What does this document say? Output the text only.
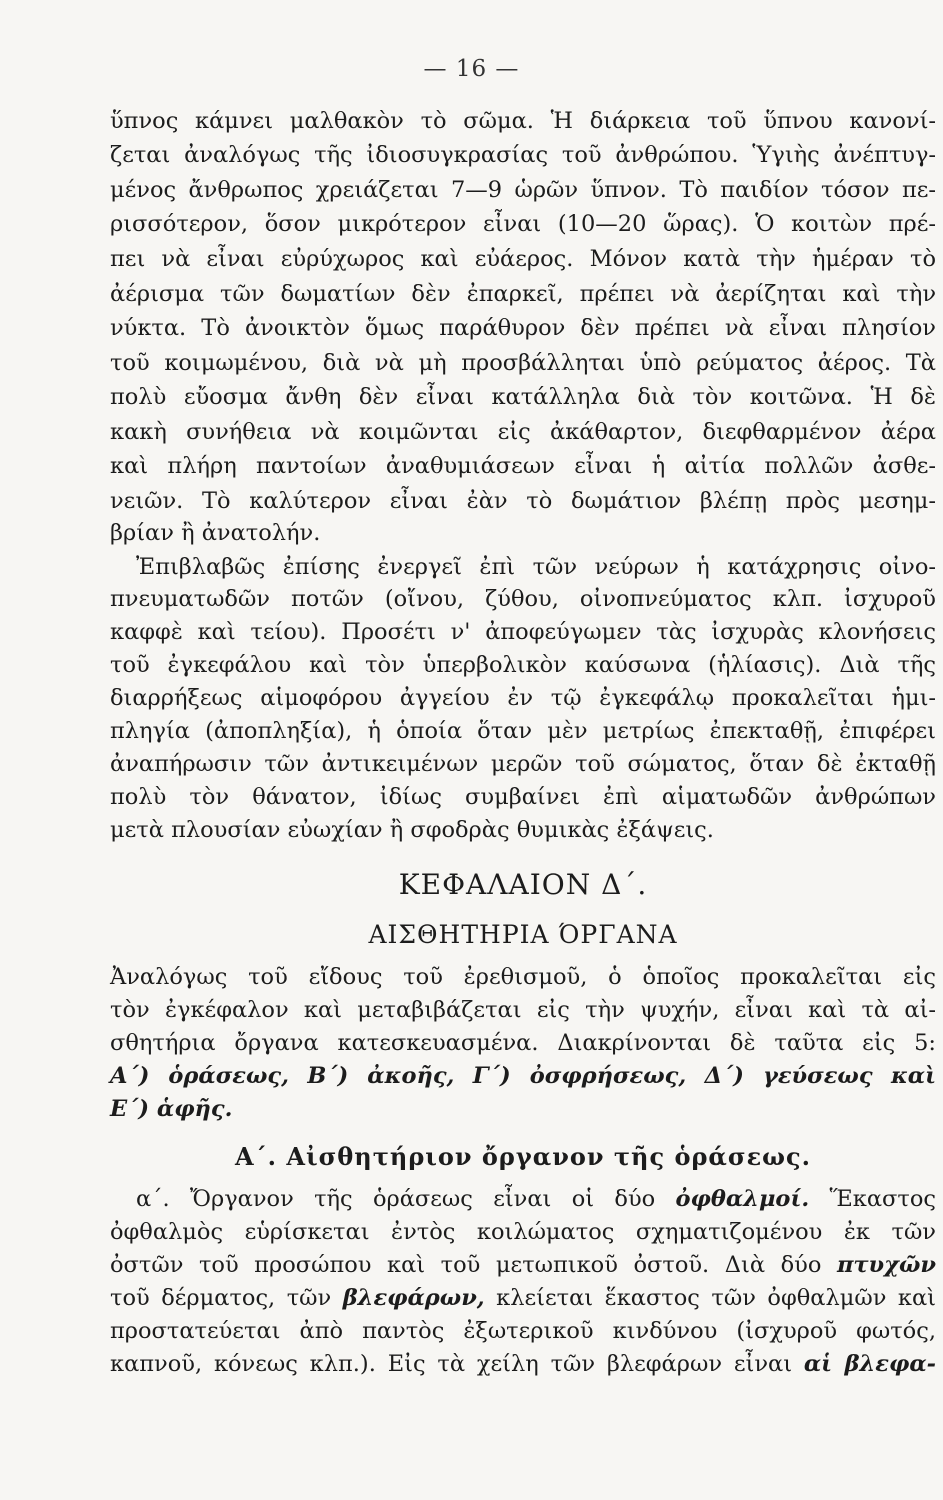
— 16 —
ὕπνος κάμνει μαλθακὸν τὸ σῶμα. Ἡ διάρκεια τοῦ ὕπνου κανονί-
ζεται ἀναλόγως τῆς ἰδιοσυγκρασίας τοῦ ἀνθρώπου. Ὑγιὴς ἀνέπτυγ-
μένος ἄνθρωπος χρειάζεται 7—9 ὡρῶν ὕπνον. Τὸ παιδίον τόσον πε-
ρισσότερον, ὅσον μικρότερον εἶναι (10—20 ὥρας). Ὁ κοιτὼν πρέ-
πει νὰ εἶναι εὐρύχωρος καὶ εὐάερος. Μόνον κατὰ τὴν ἡμέραν τὸ
ἀέρισμα τῶν δωματίων δὲν ἐπαρκεῖ, πρέπει νὰ ἀερίζηται καὶ τὴν
νύκτα. Τὸ ἀνοικτὸν ὅμως παράθυρον δὲν πρέπει νὰ εἶναι πλησίον
τοῦ κοιμωμένου, διὰ νὰ μὴ προσβάλληται ὑπὸ ρεύματος ἀέρος. Τὰ
πολὺ εὔοσμα ἄνθη δὲν εἶναι κατάλληλα διὰ τὸν κοιτῶνα. Ἡ δὲ
κακὴ συνήθεια νὰ κοιμῶνται εἰς ἀκάθαρτον, διεφθαρμένον ἀέρα
καὶ πλήρη παντοίων ἀναθυμιάσεων εἶναι ἡ αἰτία πολλῶν ἀσθε-
νειῶν. Τὸ καλύτερον εἶναι ἐὰν τὸ δωμάτιον βλέπῃ πρὸς μεσημ-
βρίαν ἢ ἀνατολήν.
Ἐπιβλαβῶς ἐπίσης ἐνεργεῖ ἐπὶ τῶν νεύρων ἡ κατάχρησις οἰνο-
πνευματωδῶν ποτῶν (οἴνου, ζύθου, οἰνοπνεύματος κλπ. ἰσχυροῦ
καφφὲ καὶ τείου). Προσέτι ν' ἀποφεύγωμεν τὰς ἰσχυρὰς κλονήσεις
τοῦ ἐγκεφάλου καὶ τὸν ὑπερβολικὸν καύσωνα (ἡλίασις). Διὰ τῆς
διαρρήξεως αἱμοφόρου ἀγγείου ἐν τῷ ἐγκεφάλῳ προκαλεῖται ἡμι-
πληγία (ἀποπληξία), ἡ ὁποία ὅταν μὲν μετρίως ἐπεκταθῇ, ἐπιφέρει
ἀναπήρωσιν τῶν ἀντικειμένων μερῶν τοῦ σώματος, ὅταν δὲ ἐκταθῇ
πολὺ τὸν θάνατον, ἰδίως συμβαίνει ἐπὶ αἱματωδῶν ἀνθρώπων
μετὰ πλουσίαν εὐωχίαν ἢ σφοδρὰς θυμικὰς ἐξάψεις.
ΚΕΦΑΛΑΙΟΝ Δ΄.
ΑΙΣΘΗΤΗΡΙΑ ΌΡΓΑΝΑ
Ἀναλόγως τοῦ εἴδους τοῦ ἐρεθισμοῦ, ὁ ὁποῖος προκαλεῖται εἰς
τὸν ἐγκέφαλον καὶ μεταβιβάζεται εἰς τὴν ψυχήν, εἶναι καὶ τὰ αἰ-
σθητήρια ὄργανα κατεσκευασμένα. Διακρίνονται δὲ ταῦτα εἰς 5:
Α΄) ὁράσεως, Β΄) ἀκοῆς, Γ΄) ὀσφρήσεως, Δ΄) γεύσεως καὶ
Ε΄) ἁφῆς.
Α΄. Αἰσθητήριον ὄργανον τῆς ὁράσεως.
α΄. Ὄργανον τῆς ὁράσεως εἶναι οἱ δύο ὀφθαλμοί. Ἕκαστος
ὀφθαλμὸς εὑρίσκεται ἐντὸς κοιλώματος σχηματιζομένου ἐκ τῶν
ὀστῶν τοῦ προσώπου καὶ τοῦ μετωπικοῦ ὀστοῦ. Διὰ δύο πτυχῶν
τοῦ δέρματος, τῶν βλεφάρων, κλείεται ἕκαστος τῶν ὀφθαλμῶν καὶ
προστατεύεται ἀπὸ παντὸς ἐξωτερικοῦ κινδύνου (ἰσχυροῦ φωτός,
καπνοῦ, κόνεως κλπ.). Εἰς τὰ χείλη τῶν βλεφάρων εἶναι αἱ βλεφα-
